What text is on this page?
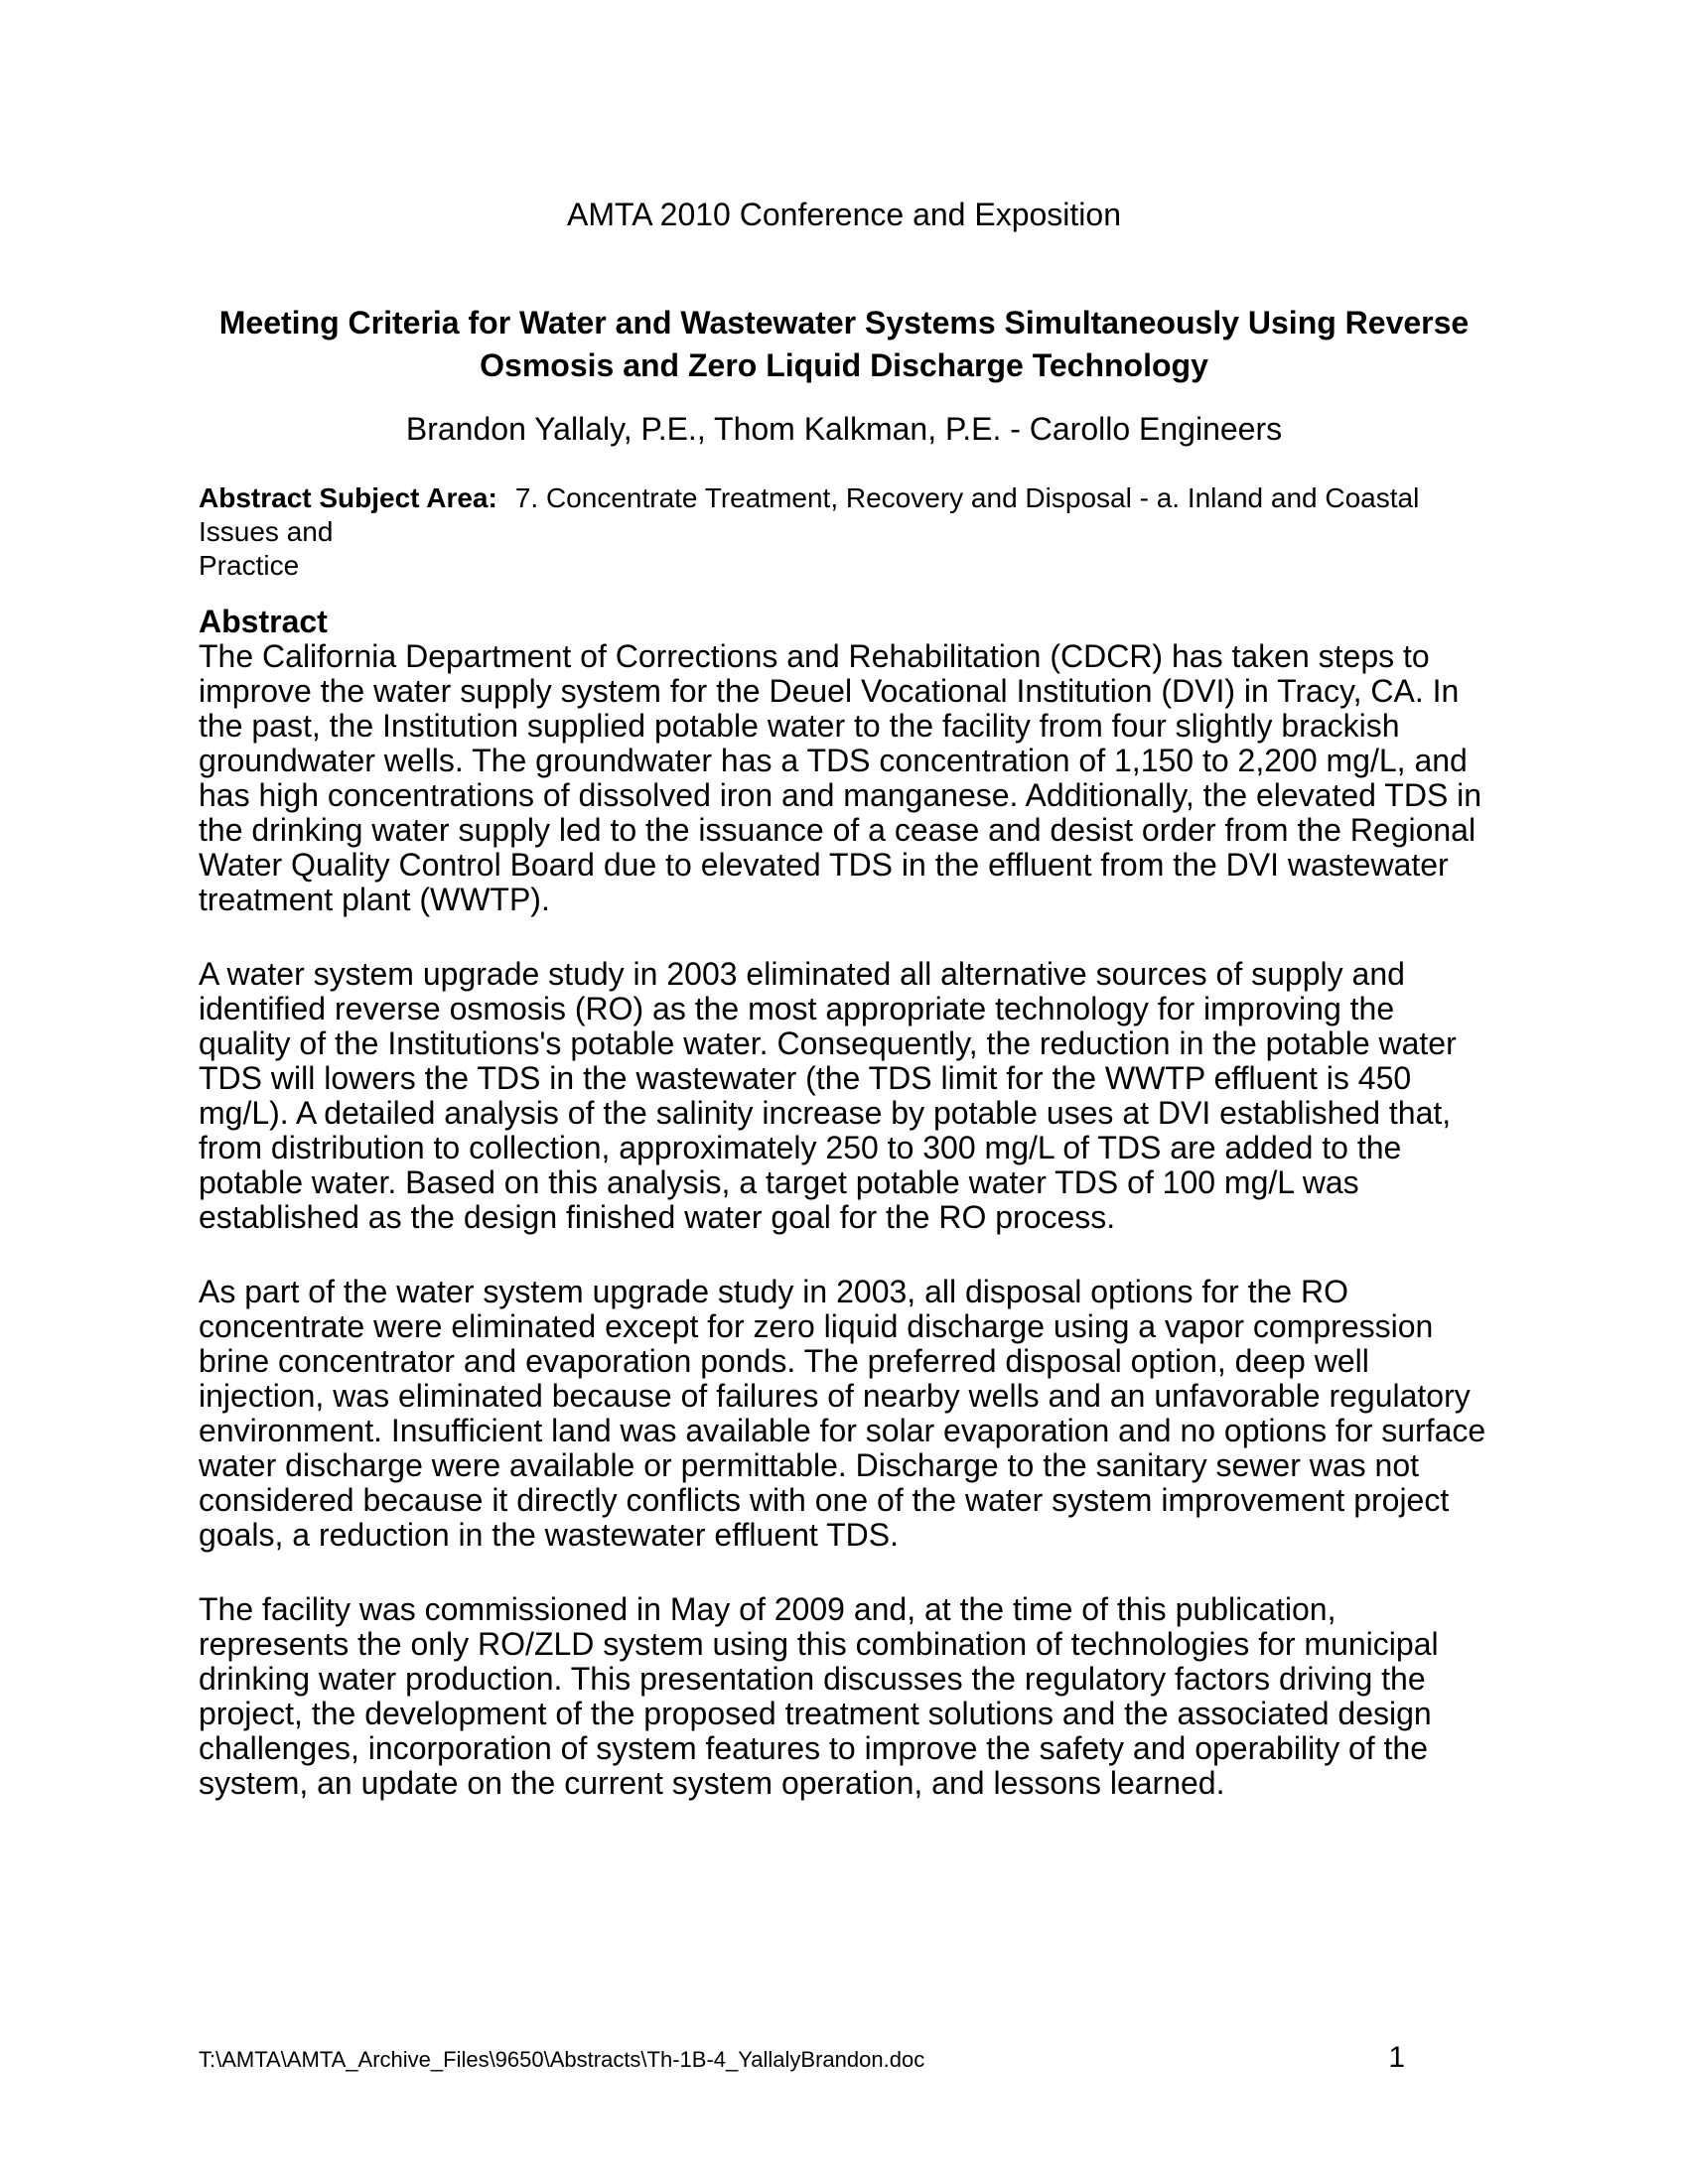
AMTA 2010 Conference and Exposition
Meeting Criteria for Water and Wastewater Systems Simultaneously Using Reverse
Osmosis and Zero Liquid Discharge Technology
Brandon Yallaly, P.E., Thom Kalkman, P.E. - Carollo Engineers

Abstract Subject Area: 7. Concentrate Treatment, Recovery and Disposal - a. Inland and Coastal Issues and
Practice

Abstract

The California Department of Corrections and Rehabilitation (CDCR) has taken steps to improve the water supply system for the Deuel Vocational Institution (DVI) in Tracy, CA. In the past, the Institution supplied potable water to the facility from four slightly brackish groundwater wells. The groundwater has a TDS concentration of 1,150 to 2,200 mg/L, and has high concentrations of dissolved iron and manganese. Additionally, the elevated TDS in the drinking water supply led to the issuance of a cease and desist order from the Regional Water Quality Control Board due to elevated TDS in the effluent from the DVI wastewater treatment plant (WWTP).

A water system upgrade study in 2003 eliminated all alternative sources of supply and identified reverse osmosis (RO) as the most appropriate technology for improving the quality of the Institutions's potable water. Consequently, the reduction in the potable water TDS will lowers the TDS in the wastewater (the TDS limit for the WWTP effluent is 450 mg/L). A detailed analysis of the salinity increase by potable uses at DVI established that, from distribution to collection, approximately 250 to 300 mg/L of TDS are added to the potable water. Based on this analysis, a target potable water TDS of 100 mg/L was established as the design finished water goal for the RO process.

As part of the water system upgrade study in 2003, all disposal options for the RO concentrate were eliminated except for zero liquid discharge using a vapor compression brine concentrator and evaporation ponds. The preferred disposal option, deep well injection, was eliminated because of failures of nearby wells and an unfavorable regulatory environment. Insufficient land was available for solar evaporation and no options for surface water discharge were available or permittable. Discharge to the sanitary sewer was not considered because it directly conflicts with one of the water system improvement project goals, a reduction in the wastewater effluent TDS.

The facility was commissioned in May of 2009 and, at the time of this publication, represents the only RO/ZLD system using this combination of technologies for municipal drinking water production. This presentation discusses the regulatory factors driving the project, the development of the proposed treatment solutions and the associated design challenges, incorporation of system features to improve the safety and operability of the system, an update on the current system operation, and lessons learned.

T:\AMTA\AMTA_Archive_Files\9650\Abstracts\Th-1B-4_YallalyBrandon.doc	1
